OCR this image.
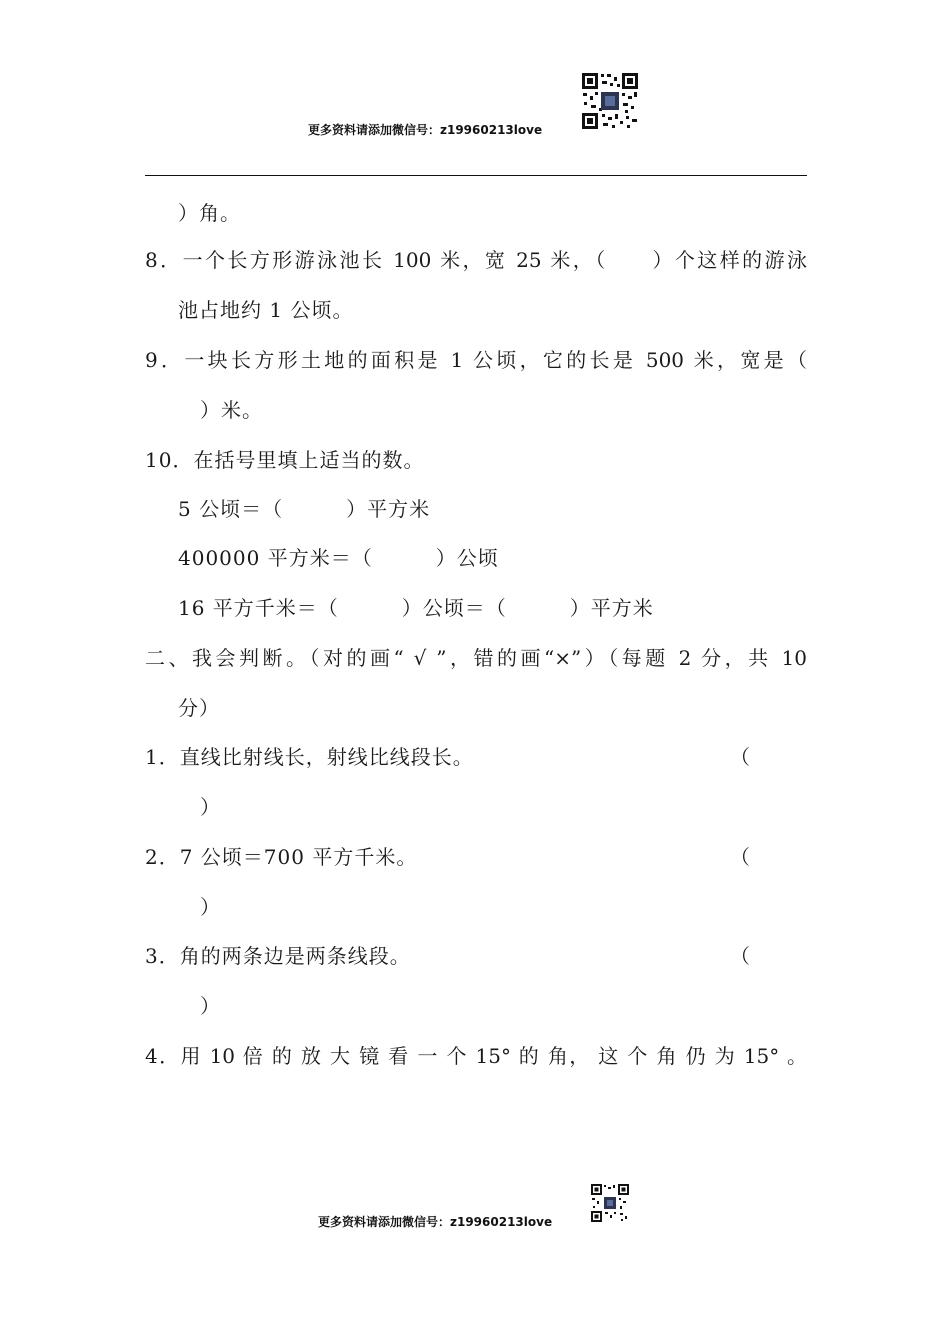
更多资料请添加微信号：z19960213love
）角。
8．一个长方形游泳池长 100 米，宽 25 米，（　　）个这样的游泳
池占地约 1 公顷。
9．一块长方形土地的面积是 1 公顷，它的长是 500 米，宽是（
）米。
10．在括号里填上适当的数。
5 公顷＝（　　　）平方米
400000 平方米＝（　　　）公顷
16 平方千米＝（　　　）公顷＝（　　　）平方米
二、我会判断。（对的画“ √ ”，错的画“×”）（每题 2 分，共 10
分）
1．直线比射线长，射线比线段长。	（
）
2．7 公顷＝700 平方千米。	（
）
3．角的两条边是两条线段。	（
）
4．用 10 倍 的 放 大 镜 看 一 个 15° 的 角， 这 个 角 仍 为 15° 。
更多资料请添加微信号：z19960213love
